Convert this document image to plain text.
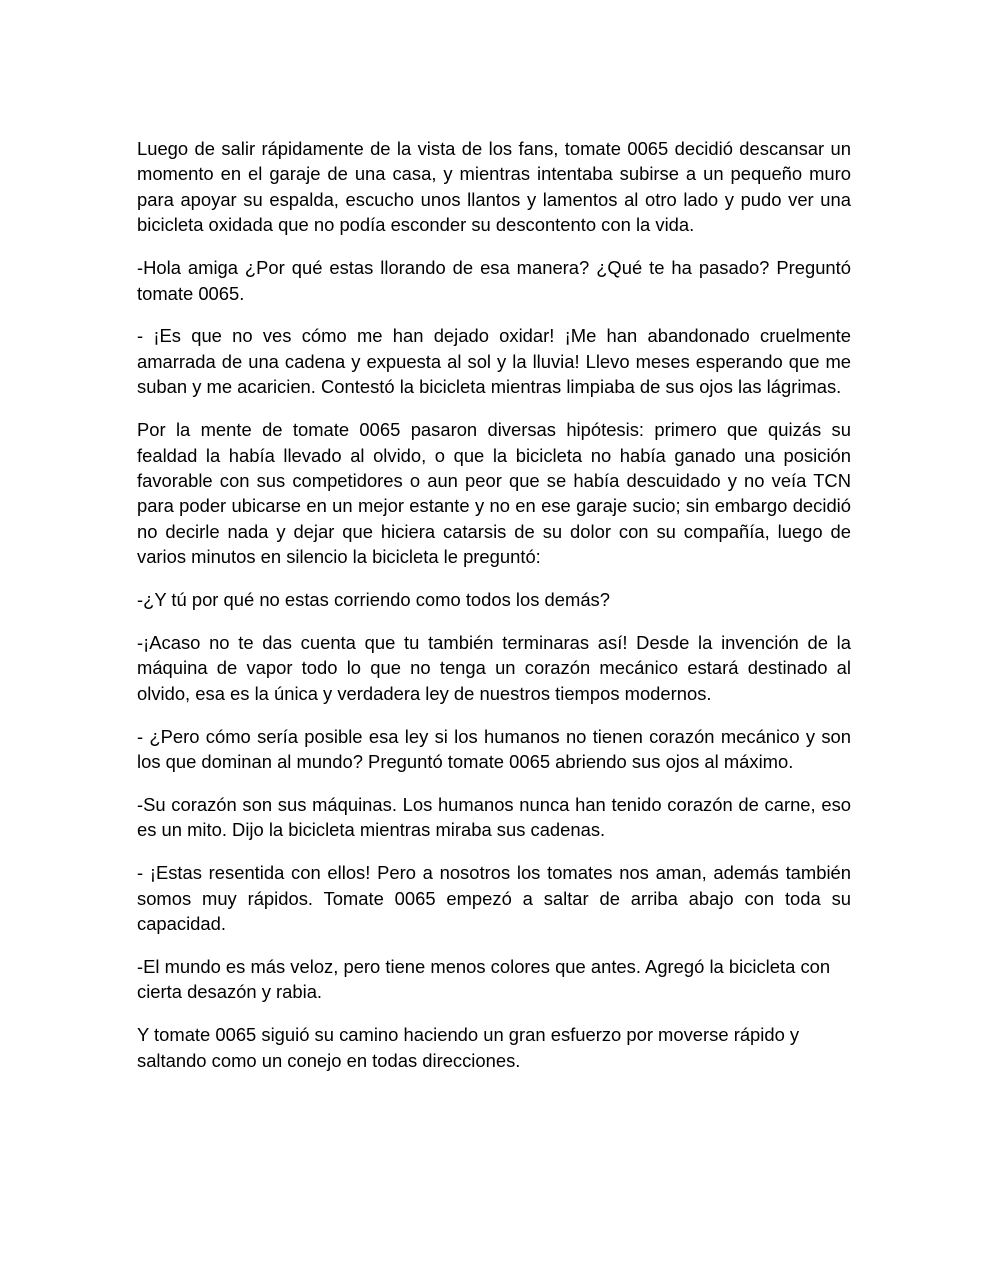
Luego de salir rápidamente de la vista de los fans, tomate 0065 decidió descansar un momento en el garaje de una casa, y mientras intentaba subirse a un pequeño muro para apoyar su espalda, escucho unos llantos y lamentos al otro lado y pudo ver una bicicleta oxidada que no podía esconder su descontento con la vida.

-Hola amiga ¿Por qué estas llorando de esa manera? ¿Qué te ha pasado? Preguntó tomate 0065.

- ¡Es que no ves cómo me han dejado oxidar! ¡Me han abandonado cruelmente amarrada de una cadena y expuesta al sol y la lluvia! Llevo meses esperando que me suban y me acaricien. Contestó la bicicleta mientras limpiaba de sus ojos las lágrimas.

Por la mente de tomate 0065 pasaron diversas hipótesis: primero que quizás su fealdad la había llevado al olvido, o que la bicicleta no había ganado una posición favorable con sus competidores o aun peor que se había descuidado y no veía TCN para poder ubicarse en un mejor estante y no en ese garaje sucio; sin embargo decidió no decirle nada y dejar que hiciera catarsis de su dolor con su compañía, luego de varios minutos en silencio la bicicleta le preguntó:

-¿Y tú por qué no estas corriendo como todos los demás?

-¡Acaso no te das cuenta que tu también terminaras así! Desde la invención de la máquina de vapor todo lo que no tenga un corazón mecánico estará destinado al olvido, esa es la única y verdadera ley de nuestros tiempos modernos.

- ¿Pero cómo sería posible esa ley si los humanos no tienen corazón mecánico y son los que dominan al mundo? Preguntó tomate 0065 abriendo sus ojos al máximo.

-Su corazón son sus máquinas. Los humanos nunca han tenido corazón de carne, eso es un mito. Dijo la bicicleta mientras miraba sus cadenas.

- ¡Estas resentida con ellos! Pero a nosotros los tomates nos aman, además también somos muy rápidos. Tomate 0065 empezó a saltar de arriba abajo con toda su capacidad.

-El mundo es más veloz, pero tiene menos colores que antes. Agregó la bicicleta con cierta desazón y rabia.

Y tomate 0065 siguió su camino haciendo un gran esfuerzo por moverse rápido y saltando como un conejo en todas direcciones.
